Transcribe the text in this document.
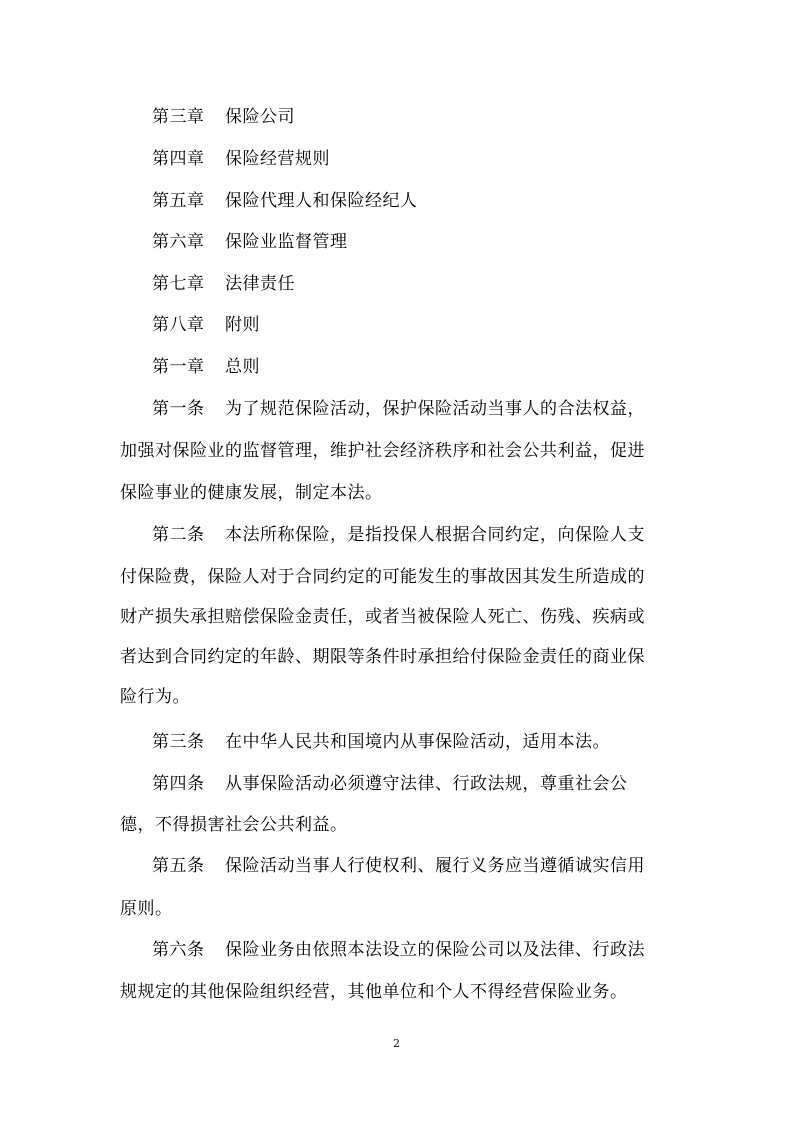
第三章 保险公司
第四章 保险经营规则
第五章 保险代理人和保险经纪人
第六章 保险业监督管理
第七章 法律责任
第八章 附则
第一章 总则
第一条 为了规范保险活动，保护保险活动当事人的合法权益，
加强对保险业的监督管理，维护社会经济秩序和社会公共利益，促进
保险事业的健康发展，制定本法。
第二条 本法所称保险，是指投保人根据合同约定，向保险人支
付保险费，保险人对于合同约定的可能发生的事故因其发生所造成的
财产损失承担赔偿保险金责任，或者当被保险人死亡、伤残、疾病或
者达到合同约定的年龄、期限等条件时承担给付保险金责任的商业保
险行为。
第三条 在中华人民共和国境内从事保险活动，适用本法。
第四条 从事保险活动必须遵守法律、行政法规，尊重社会公
德，不得损害社会公共利益。
第五条 保险活动当事人行使权利、履行义务应当遵循诚实信用
原则。
第六条 保险业务由依照本法设立的保险公司以及法律、行政法
规规定的其他保险组织经营，其他单位和个人不得经营保险业务。
2
